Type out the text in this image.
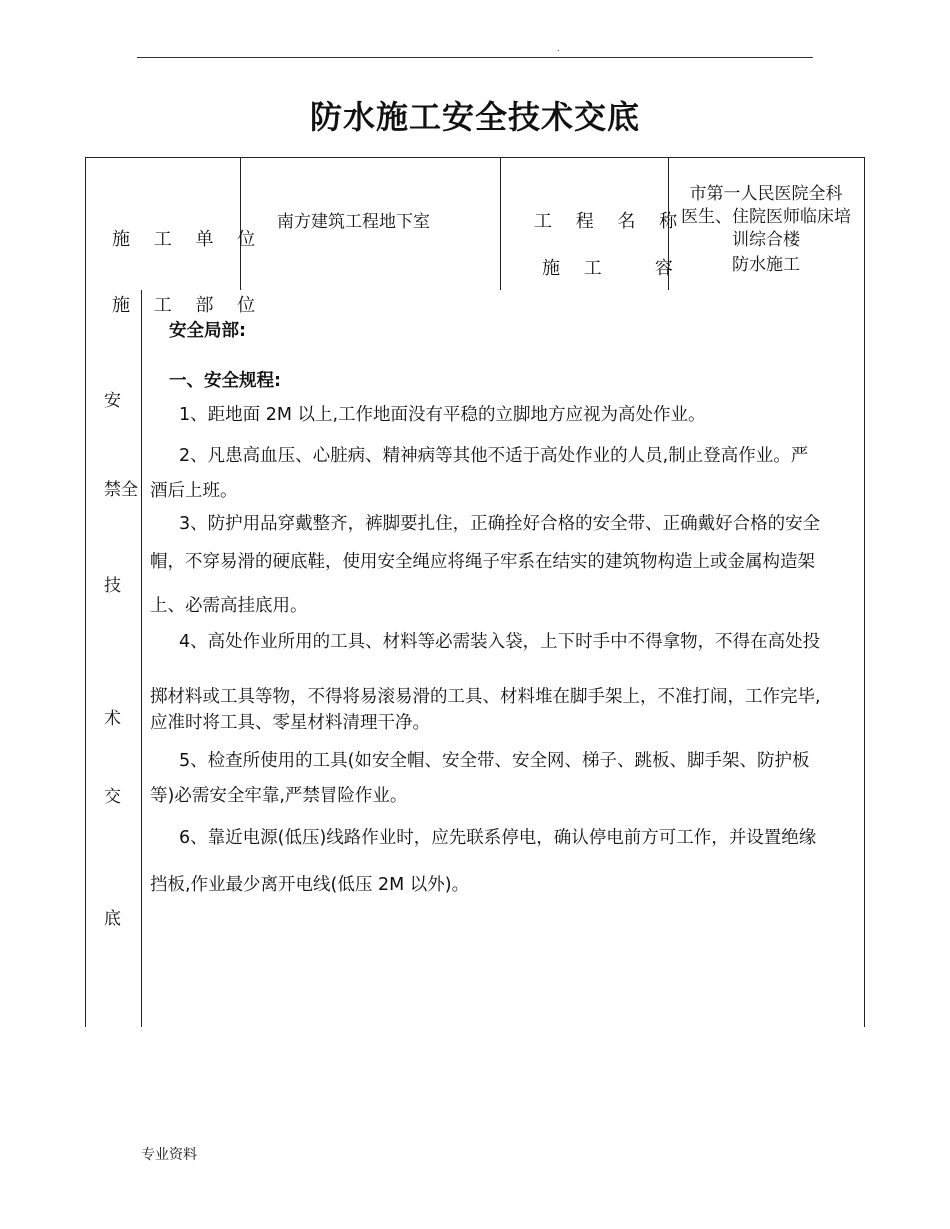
.
防水施工安全技术交底
施 工 单 位
南方建筑工程地下室	工 程 名 称
市第一人民医院全科
医生、住院医师临床培
训综合楼
施 工   容	防水施工
施 工 部 位
安
禁全
技
术
交
底
安全局部:
一、安全规程:
1、距地面 2M 以上,工作地面没有平稳的立脚地方应视为高处作业。
2、凡患高血压、心脏病、精神病等其他不适于高处作业的人员,制止登高作业。严
酒后上班。
3、防护用品穿戴整齐，裤脚要扎住，正确拴好合格的安全带、正确戴好合格的安全
帽，不穿易滑的硬底鞋，使用安全绳应将绳子牢系在结实的建筑物构造上或金属构造架
上、必需高挂底用。
4、高处作业所用的工具、材料等必需装入袋，上下时手中不得拿物，不得在高处投
掷材料或工具等物，不得将易滚易滑的工具、材料堆在脚手架上，不准打闹，工作完毕,
应准时将工具、零星材料清理干净。
5、检查所使用的工具(如安全帽、安全带、安全网、梯子、跳板、脚手架、防护板
等)必需安全牢靠,严禁冒险作业。
6、靠近电源(低压)线路作业时，应先联系停电，确认停电前方可工作，并设置绝缘
挡板,作业最少离开电线(低压 2M 以外)。
专业资料
